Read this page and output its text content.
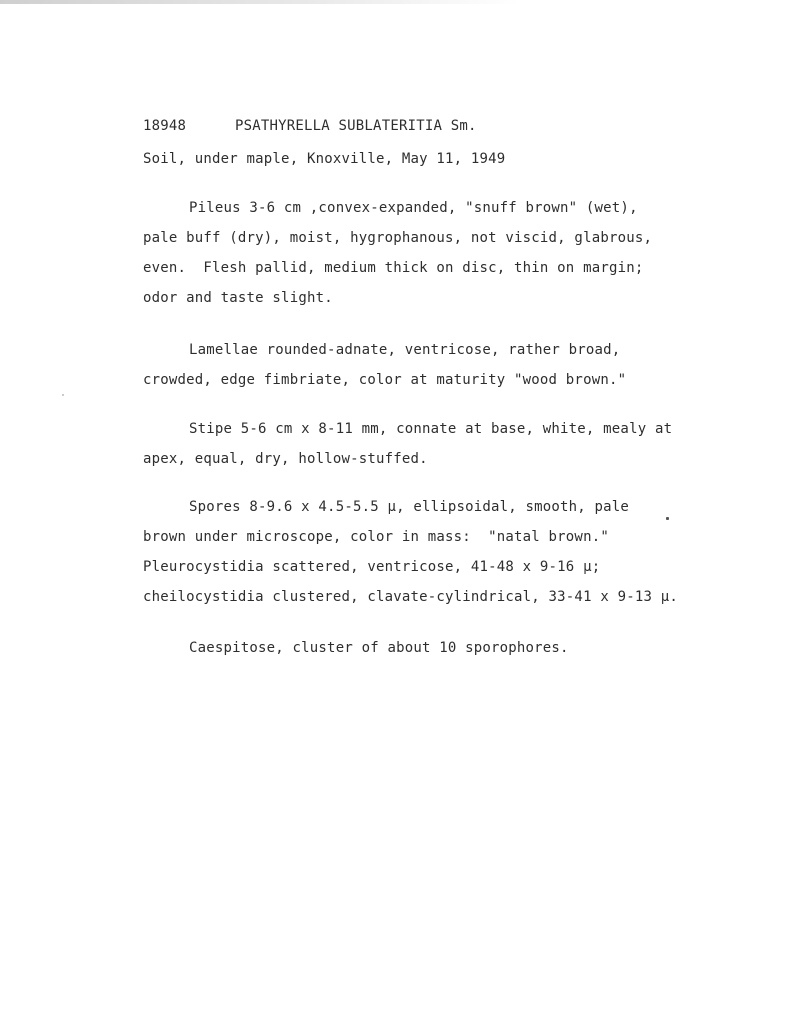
18948	PSATHYRELLA SUBLATERITIA Sm.
Soil, under maple, Knoxville, May 11, 1949
Pileus 3-6 cm ,convex-expanded, "snuff brown" (wet),
pale buff (dry), moist, hygrophanous, not viscid, glabrous,
even.  Flesh pallid, medium thick on disc, thin on margin;
odor and taste slight.
Lamellae rounded-adnate, ventricose, rather broad,
crowded, edge fimbriate, color at maturity "wood brown."
Stipe 5-6 cm x 8-11 mm, connate at base, white, mealy at
apex, equal, dry, hollow-stuffed.
Spores 8-9.6 x 4.5-5.5 µ, ellipsoidal, smooth, pale
brown under microscope, color in mass:  "natal brown."
Pleurocystidia scattered, ventricose, 41-48 x 9-16 µ;
cheilocystidia clustered, clavate-cylindrical, 33-41 x 9-13 µ.
Caespitose, cluster of about 10 sporophores.
